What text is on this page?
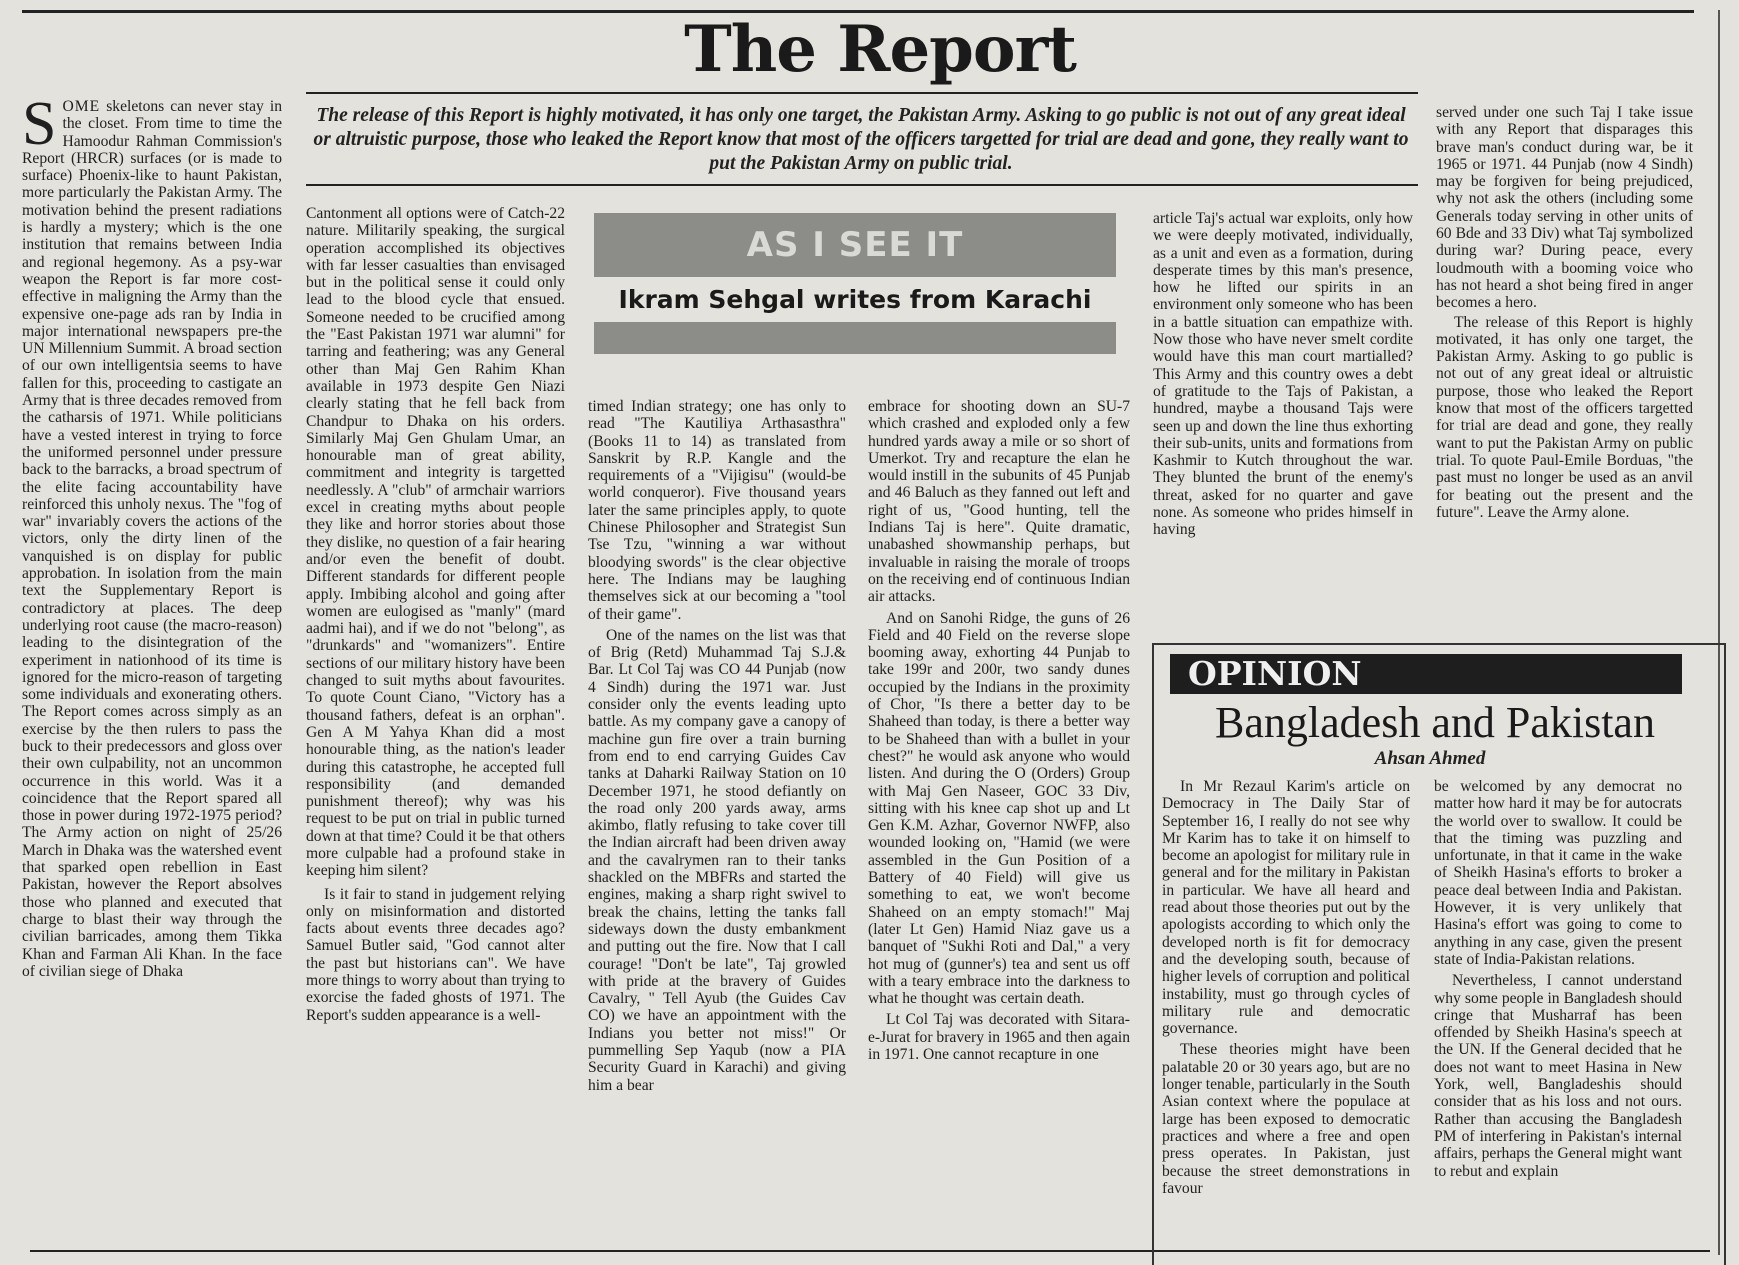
The Report
The release of this Report is highly motivated, it has only one target, the Pakistan Army. Asking to go public is not out of any great ideal or altruistic purpose, those who leaked the Report know that most of the officers targetted for trial are dead and gone, they really want to put the Pakistan Army on public trial.

SOME skeletons can never stay in the closet. From time to time the Hamoodur Rahman Commission's Report (HRCR) surfaces (or is made to surface) Phoenix-like to haunt Pakistan, more particularly the Pakistan Army. The motivation behind the present radiations is hardly a mystery; which is the one institution that remains between India and regional hegemony. As a psy-war weapon the Report is far more cost-effective in maligning the Army than the expensive one-page ads ran by India in major international newspapers pre-the UN Millennium Summit. A broad section of our own intelligentsia seems to have fallen for this, proceeding to castigate an Army that is three decades removed from the catharsis of 1971. While politicians have a vested interest in trying to force the uniformed personnel under pressure back to the barracks, a broad spectrum of the elite facing accountability have reinforced this unholy nexus. The "fog of war" invariably covers the actions of the victors, only the dirty linen of the vanquished is on display for public approbation. In isolation from the main text the Supplementary Report is contradictory at places. The deep underlying root cause (the macro-reason) leading to the disintegration of the experiment in nationhood of its time is ignored for the micro-reason of targeting some individuals and exonerating others. The Report comes across simply as an exercise by the then rulers to pass the buck to their predecessors and gloss over their own culpability, not an uncommon occurrence in this world. Was it a coincidence that the Report spared all those in power during 1972-1975 period? The Army action on night of 25/26 March in Dhaka was the watershed event that sparked open rebellion in East Pakistan, however the Report absolves those who planned and executed that charge to blast their way through the civilian barricades, among them Tikka Khan and Farman Ali Khan. In the face of civilian siege of Dhaka

Cantonment all options were of Catch-22 nature. Militarily speaking, the surgical operation accomplished its objectives with far lesser casualties than envisaged but in the political sense it could only lead to the blood cycle that ensued. Someone needed to be crucified among the "East Pakistan 1971 war alumni" for tarring and feathering; was any General other than Maj Gen Rahim Khan available in 1973 despite Gen Niazi clearly stating that he fell back from Chandpur to Dhaka on his orders. Similarly Maj Gen Ghulam Umar, an honourable man of great ability, commitment and integrity is targetted needlessly. A "club" of armchair warriors excel in creating myths about people they like and horror stories about those they dislike, no question of a fair hearing and/or even the benefit of doubt. Different standards for different people apply. Imbibing alcohol and going after women are eulogised as "manly" (mard aadmi hai), and if we do not "belong", as "drunkards" and "womanizers". Entire sections of our military history have been changed to suit myths about favourites. To quote Count Ciano, "Victory has a thousand fathers, defeat is an orphan". Gen A M Yahya Khan did a most honourable thing, as the nation's leader during this catastrophe, he accepted full responsibility (and demanded punishment thereof); why was his request to be put on trial in public turned down at that time? Could it be that others more culpable had a profound stake in keeping him silent?

Is it fair to stand in judgement relying only on misinformation and distorted facts about events three decades ago? Samuel Butler said, "God cannot alter the past but historians can". We have more things to worry about than trying to exorcise the faded ghosts of 1971. The Report's sudden appearance is a well-

AS I SEE IT
Ikram Sehgal writes from Karachi

timed Indian strategy; one has only to read "The Kautiliya Arthasasthra" (Books 11 to 14) as translated from Sanskrit by R.P. Kangle and the requirements of a "Vijigisu" (would-be world conqueror). Five thousand years later the same principles apply, to quote Chinese Philosopher and Strategist Sun Tse Tzu, "winning a war without bloodying swords" is the clear objective here. The Indians may be laughing themselves sick at our becoming a "tool of their game".

One of the names on the list was that of Brig (Retd) Muhammad Taj S.J.& Bar. Lt Col Taj was CO 44 Punjab (now 4 Sindh) during the 1971 war. Just consider only the events leading upto battle. As my company gave a canopy of machine gun fire over a train burning from end to end carrying Guides Cav tanks at Daharki Railway Station on 10 December 1971, he stood defiantly on the road only 200 yards away, arms akimbo, flatly refusing to take cover till the Indian aircraft had been driven away and the cavalrymen ran to their tanks shackled on the MBFRs and started the engines, making a sharp right swivel to break the chains, letting the tanks fall sideways down the dusty embankment and putting out the fire. Now that I call courage! "Don't be late", Taj growled with pride at the bravery of Guides Cavalry, " Tell Ayub (the Guides Cav CO) we have an appointment with the Indians you better not miss!" Or pummelling Sep Yaqub (now a PIA Security Guard in Karachi) and giving him a bear

embrace for shooting down an SU-7 which crashed and exploded only a few hundred yards away a mile or so short of Umerkot. Try and recapture the elan he would instill in the subunits of 45 Punjab and 46 Baluch as they fanned out left and right of us, "Good hunting, tell the Indians Taj is here". Quite dramatic, unabashed showmanship perhaps, but invaluable in raising the morale of troops on the receiving end of continuous Indian air attacks.

And on Sanohi Ridge, the guns of 26 Field and 40 Field on the reverse slope booming away, exhorting 44 Punjab to take 199r and 200r, two sandy dunes occupied by the Indians in the proximity of Chor, "Is there a better day to be Shaheed than today, is there a better way to be Shaheed than with a bullet in your chest?" he would ask anyone who would listen. And during the O (Orders) Group with Maj Gen Naseer, GOC 33 Div, sitting with his knee cap shot up and Lt Gen K.M. Azhar, Governor NWFP, also wounded looking on, "Hamid (we were assembled in the Gun Position of a Battery of 40 Field) will give us something to eat, we won't become Shaheed on an empty stomach!" Maj (later Lt Gen) Hamid Niaz gave us a banquet of "Sukhi Roti and Dal," a very hot mug of (gunner's) tea and sent us off with a teary embrace into the darkness to what he thought was certain death.

Lt Col Taj was decorated with Sitara-e-Jurat for bravery in 1965 and then again in 1971. One cannot recapture in one

article Taj's actual war exploits, only how we were deeply motivated, individually, as a unit and even as a formation, during desperate times by this man's presence, how he lifted our spirits in an environment only someone who has been in a battle situation can empathize with. Now those who have never smelt cordite would have this man court martialled? This Army and this country owes a debt of gratitude to the Tajs of Pakistan, a hundred, maybe a thousand Tajs were seen up and down the line thus exhorting their sub-units, units and formations from Kashmir to Kutch throughout the war. They blunted the brunt of the enemy's threat, asked for no quarter and gave none. As someone who prides himself in having

served under one such Taj I take issue with any Report that disparages this brave man's conduct during war, be it 1965 or 1971. 44 Punjab (now 4 Sindh) may be forgiven for being prejudiced, why not ask the others (including some Generals today serving in other units of 60 Bde and 33 Div) what Taj symbolized during war? During peace, every loudmouth with a booming voice who has not heard a shot being fired in anger becomes a hero.

The release of this Report is highly motivated, it has only one target, the Pakistan Army. Asking to go public is not out of any great ideal or altruistic purpose, those who leaked the Report know that most of the officers targetted for trial are dead and gone, they really want to put the Pakistan Army on public trial. To quote Paul-Emile Borduas, "the past must no longer be used as an anvil for beating out the present and the future". Leave the Army alone.

OPINION
Bangladesh and Pakistan
Ahsan Ahmed

In Mr Rezaul Karim's article on Democracy in The Daily Star of September 16, I really do not see why Mr Karim has to take it on himself to become an apologist for military rule in general and for the military in Pakistan in particular. We have all heard and read about those theories put out by the apologists according to which only the developed north is fit for democracy and the developing south, because of higher levels of corruption and political instability, must go through cycles of military rule and democratic governance.

These theories might have been palatable 20 or 30 years ago, but are no longer tenable, particularly in the South Asian context where the populace at large has been exposed to democratic practices and where a free and open press operates. In Pakistan, just because the street demonstrations in favour

be welcomed by any democrat no matter how hard it may be for autocrats the world over to swallow. It could be that the timing was puzzling and unfortunate, in that it came in the wake of Sheikh Hasina's efforts to broker a peace deal between India and Pakistan. However, it is very unlikely that Hasina's effort was going to come to anything in any case, given the present state of India-Pakistan relations.

Nevertheless, I cannot understand why some people in Bangladesh should cringe that Musharraf has been offended by Sheikh Hasina's speech at the UN. If the General decided that he does not want to meet Hasina in New York, well, Bangladeshis should consider that as his loss and not ours. Rather than accusing the Bangladesh PM of interfering in Pakistan's internal affairs, perhaps the General might want to rebut and explain
